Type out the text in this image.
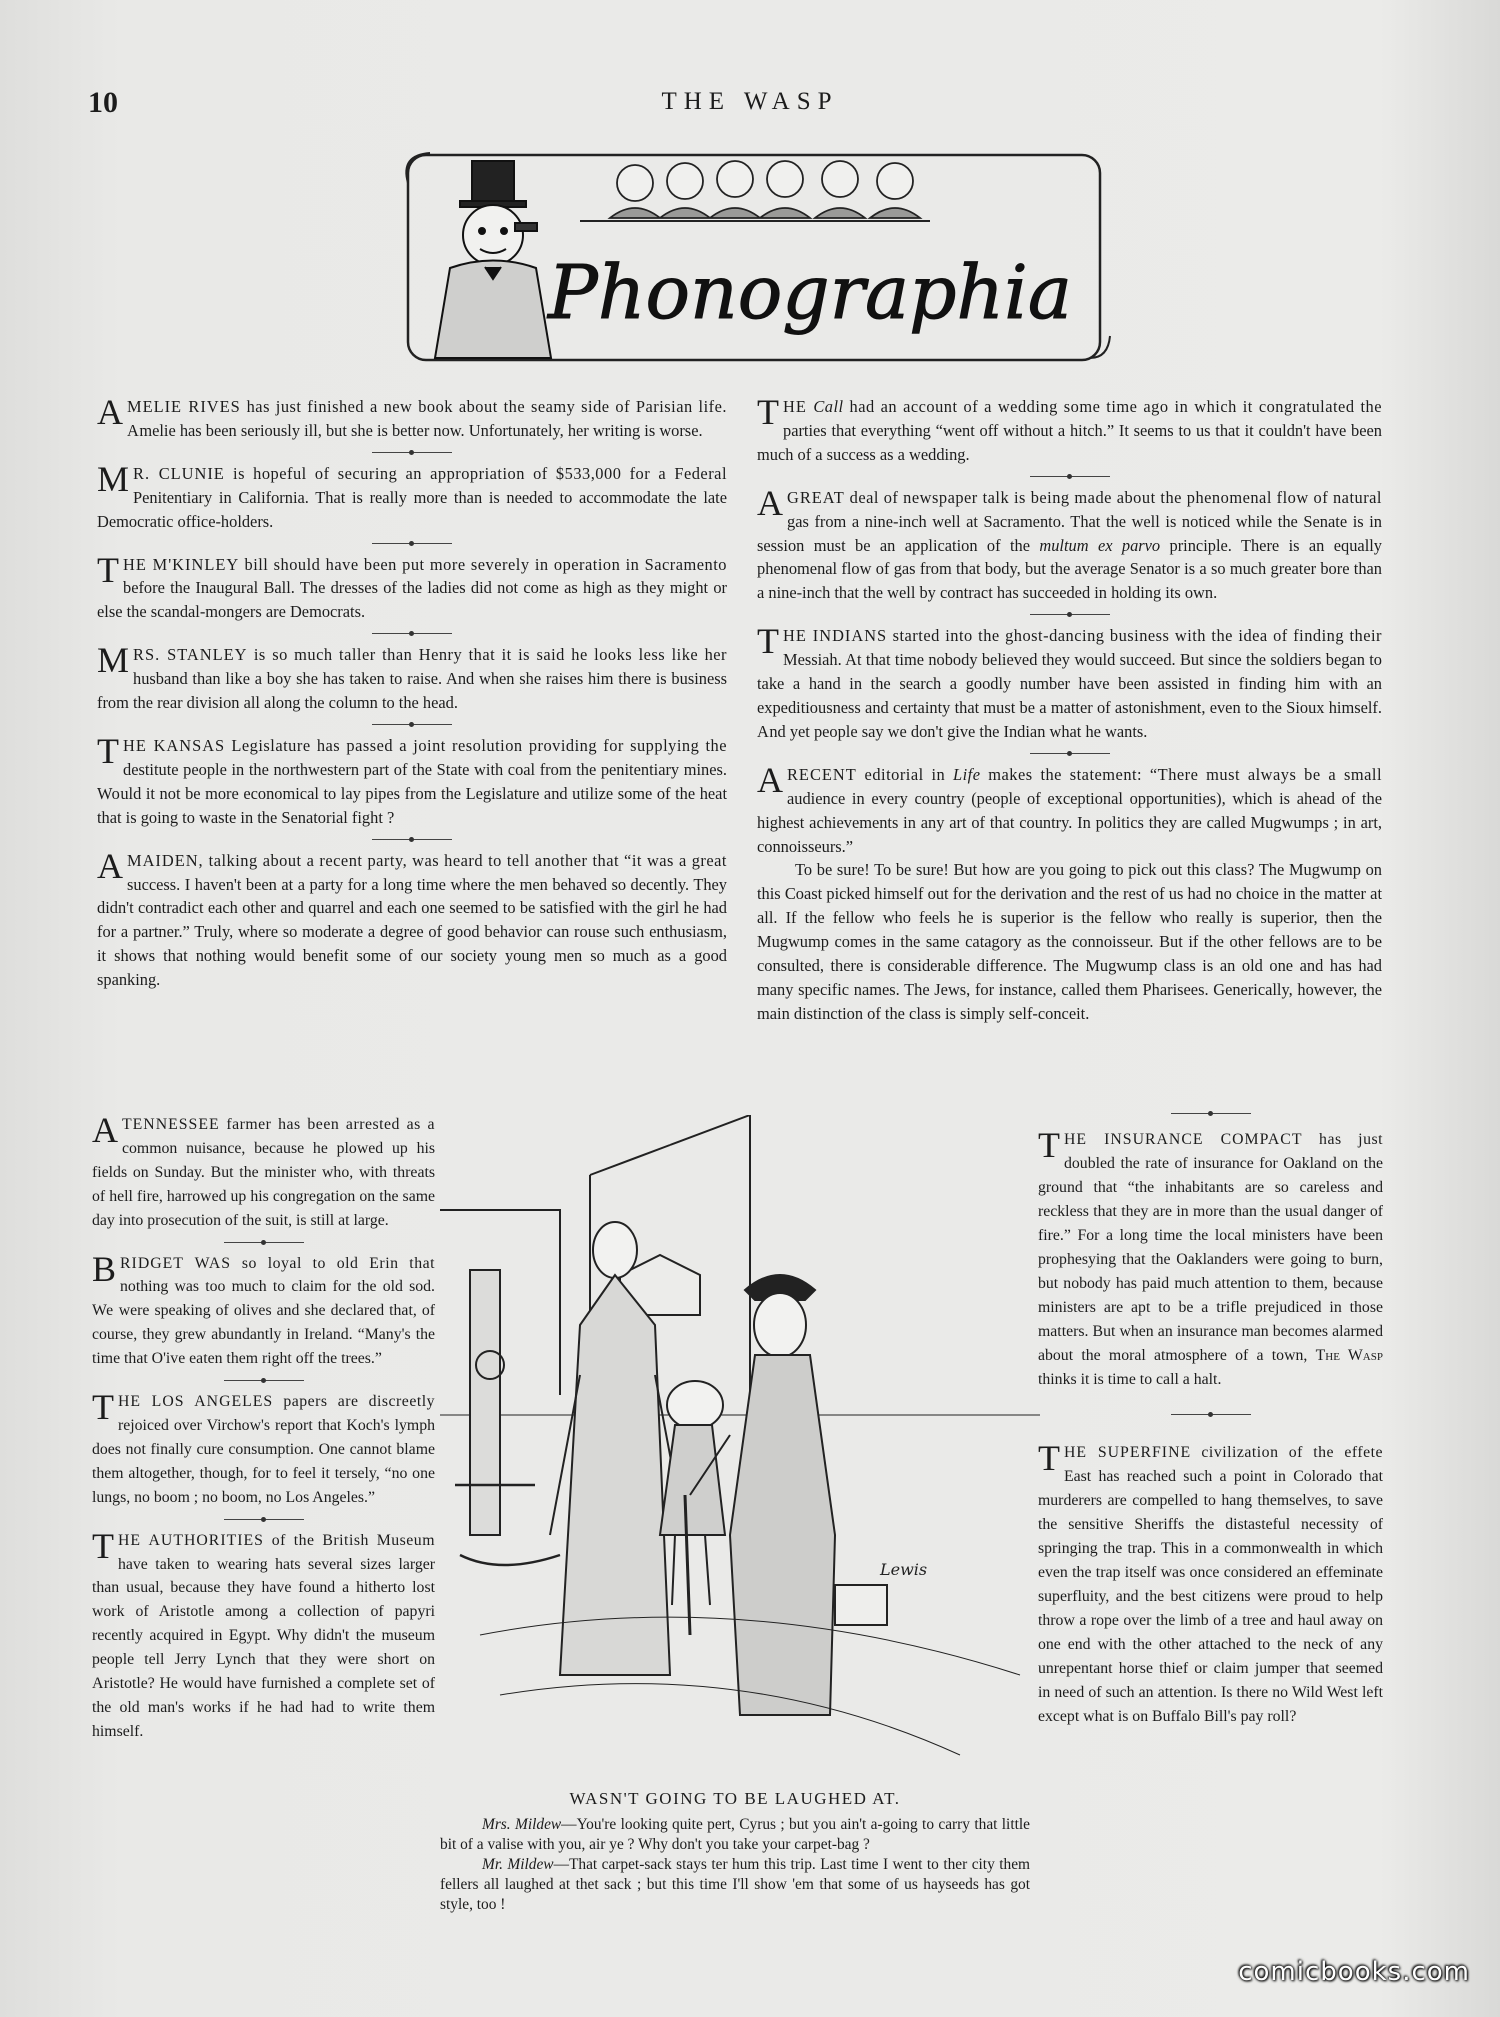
10	THE WASP
Phonographia
AMELIE RIVES has just finished a new book about the seamy side of Parisian life. Amelie has been seriously ill, but she is better now. Unfortunately, her writing is worse.
M R. CLUNIE is hopeful of securing an appropriation of $533,000 for a Federal Penitentiary in California. That is really more than is needed to accommodate the late Democratic office-holders.
THE M'KINLEY bill should have been put more severely in operation in Sacramento before the Inaugural Ball. The dresses of the ladies did not come as high as they might or else the scandal-mongers are Democrats.
MRS. STANLEY is so much taller than Henry that it is said he looks less like her husband than like a boy she has taken to raise. And when she raises him there is business from the rear division all along the column to the head.
THE KANSAS Legislature has passed a joint resolution providing for supplying the destitute people in the northwestern part of the State with coal from the penitentiary mines. Would it not be more economical to lay pipes from the Legislature and utilize some of the heat that is going to waste in the Senatorial fight ?
A MAIDEN, talking about a recent party, was heard to tell another that “it was a great success. I haven't been at a party for a long time where the men behaved so decently. They didn't contradict each other and quarrel and each one seemed to be satisfied with the girl he had for a partner.” Truly, where so moderate a degree of good behavior can rouse such enthusiasm, it shows that nothing would benefit some of our society young men so much as a good spanking.
A TENNESSEE farmer has been arrested as a common nuisance, because he plowed up his fields on Sunday. But the minister who, with threats of hell fire, harrowed up his congregation on the same day into prosecution of the suit, is still at large.
BRIDGET WAS so loyal to old Erin that nothing was too much to claim for the old sod. We were speaking of olives and she declared that, of course, they grew abundantly in Ireland. “Many's the time that O'ive eaten them right off the trees.”
THE LOS ANGELES papers are discreetly rejoiced over Virchow's report that Koch's lymph does not finally cure consumption. One cannot blame them altogether, though, for to feel it tersely, “no one lungs, no boom ; no boom, no Los Angeles.”
THE AUTHORITIES of the British Museum have taken to wearing hats several sizes larger than usual, because they have found a hitherto lost work of Aristotle among a collection of papyri recently acquired in Egypt. Why didn't the museum people tell Jerry Lynch that they were short on Aristotle? He would have furnished a complete set of the old man's works if he had had to write them himself.
THE Call had an account of a wedding some time ago in which it congratulated the parties that everything “went off without a hitch.” It seems to us that it couldn't have been much of a success as a wedding.
A GREAT deal of newspaper talk is being made about the phenomenal flow of natural gas from a nine-inch well at Sacramento. That the well is noticed while the Senate is in session must be an application of the multum ex parvo principle. There is an equally phenomenal flow of gas from that body, but the average Senator is a so much greater bore than a nine-inch that the well by contract has succeeded in holding its own.
THE INDIANS started into the ghost-dancing business with the idea of finding their Messiah. At that time nobody believed they would succeed. But since the soldiers began to take a hand in the search a goodly number have been assisted in finding him with an expeditiousness and certainty that must be a matter of astonishment, even to the Sioux himself. And yet people say we don't give the Indian what he wants.
A RECENT editorial in Life makes the statement: “There must always be a small audience in every country (people of exceptional opportunities), which is ahead of the highest achievements in any art of that country. In politics they are called Mugwumps ; in art, connoisseurs.”

To be sure! To be sure! But how are you going to pick out this class? The Mugwump on this Coast picked himself out for the derivation and the rest of us had no choice in the matter at all. If the fellow who feels he is superior is the fellow who really is superior, then the Mugwump comes in the same catagory as the connoisseur. But if the other fellows are to be consulted, there is considerable difference. The Mugwump class is an old one and has had many specific names. The Jews, for instance, called them Pharisees. Generically, however, the main distinction of the class is simply self-conceit.

THE INSURANCE COMPACT has just doubled the rate of insurance for Oakland on the ground that “the inhabitants are so careless and reckless that they are in more than the usual danger of fire.” For a long time the local ministers have been prophesying that the Oaklanders were going to burn, but nobody has paid much attention to them, because ministers are apt to be a trifle prejudiced in those matters. But when an insurance man becomes alarmed about the moral atmosphere of a town, The Wasp thinks it is time to call a halt.
THE SUPERFINE civilization of the effete East has reached such a point in Colorado that murderers are compelled to hang themselves, to save the sensitive Sheriffs the distasteful necessity of springing the trap. This in a commonwealth in which even the trap itself was once considered an effeminate superfluity, and the best citizens were proud to help throw a rope over the limb of a tree and haul away on one end with the other attached to the neck of any unrepentant horse thief or claim jumper that seemed in need of such an attention. Is there no Wild West left except what is on Buffalo Bill's pay roll?
Lewis
WASN'T GOING TO BE LAUGHED AT.

Mrs. Mildew—You're looking quite pert, Cyrus ; but you ain't a-going to carry that little bit of a valise with you, air ye ? Why don't you take your carpet-bag ?

Mr. Mildew—That carpet-sack stays ter hum this trip. Last time I went to ther city them fellers all laughed at thet sack ; but this time I'll show 'em that some of us hayseeds has got style, too !

comicbooks.com
